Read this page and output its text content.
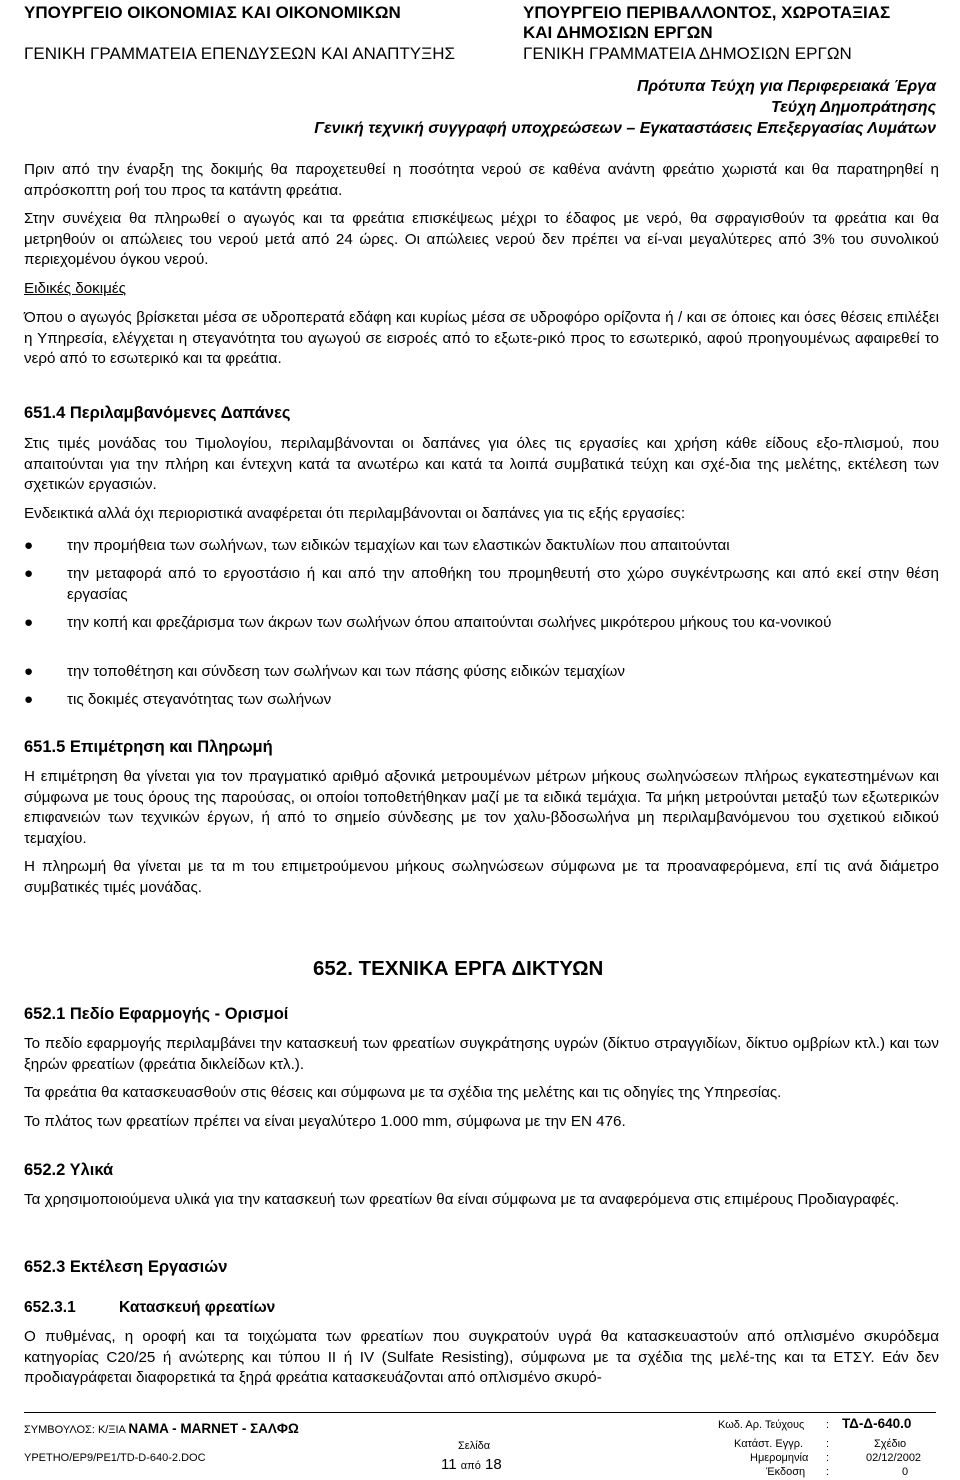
ΥΠΟΥΡΓΕΙΟ ΟΙΚΟΝΟΜΙΑΣ ΚΑΙ ΟΙΚΟΝΟΜΙΚΩΝ
ΓΕΝΙΚΗ ΓΡΑΜΜΑΤΕΙΑ ΕΠΕΝΔΥΣΕΩΝ ΚΑΙ ΑΝΑΠΤΥΞΗΣ
ΥΠΟΥΡΓΕΙΟ ΠΕΡΙΒΑΛΛΟΝΤΟΣ, ΧΩΡΟΤΑΞΙΑΣ
ΚΑΙ ΔΗΜΟΣΙΩΝ ΕΡΓΩΝ
ΓΕΝΙΚΗ ΓΡΑΜΜΑΤΕΙΑ ΔΗΜΟΣΙΩΝ ΕΡΓΩΝ
Πρότυπα Τεύχη για Περιφερειακά Έργα
Τεύχη Δημοπράτησης
Γενική τεχνική συγγραφή υποχρεώσεων – Εγκαταστάσεις Επεξεργασίας Λυμάτων

Πριν από την έναρξη της δοκιμής θα παροχετευθεί η ποσότητα νερού σε καθένα ανάντη φρεάτιο χωριστά και θα παρατηρηθεί η απρόσκοπτη ροή του προς τα κατάντη φρεάτια.

Στην συνέχεια θα πληρωθεί ο αγωγός και τα φρεάτια επισκέψεως μέχρι το έδαφος με νερό, θα σφραγισθούν τα φρεάτια και θα μετρηθούν οι απώλειες του νερού μετά από 24 ώρες. Οι απώλειες νερού δεν πρέπει να εί-ναι μεγαλύτερες από 3% του συνολικού περιεχομένου όγκου νερού.

Ειδικές δοκιμές

Όπου ο αγωγός βρίσκεται μέσα σε υδροπερατά εδάφη και κυρίως μέσα σε υδροφόρο ορίζοντα ή / και σε όποιες και όσες θέσεις επιλέξει η Υπηρεσία, ελέγχεται η στεγανότητα του αγωγού σε εισροές από το εξωτε-ρικό προς το εσωτερικό, αφού προηγουμένως αφαιρεθεί το νερό από το εσωτερικό και τα φρεάτια.

651.4 Περιλαμβανόμενες Δαπάνες

Στις τιμές μονάδας του Τιμολογίου, περιλαμβάνονται οι δαπάνες για όλες τις εργασίες και χρήση κάθε είδους εξο-πλισμού, που απαιτούνται για την πλήρη και έντεχνη κατά τα ανωτέρω και κατά τα λοιπά συμβατικά τεύχη και σχέ-δια της μελέτης, εκτέλεση των σχετικών εργασιών.

Ενδεικτικά αλλά όχι περιοριστικά αναφέρεται ότι περιλαμβάνονται οι δαπάνες για τις εξής εργασίες:

●	την προμήθεια των σωλήνων, των ειδικών τεμαχίων και των ελαστικών δακτυλίων που απαιτούνται
●	την μεταφορά από το εργοστάσιο ή και από την αποθήκη του προμηθευτή στο χώρο συγκέντρωσης και από εκεί στην θέση εργασίας
●	την κοπή και φρεζάρισμα των άκρων των σωλήνων όπου απαιτούνται σωλήνες μικρότερου μήκους του κα-νονικού
●	την τοποθέτηση και σύνδεση των σωλήνων και των πάσης φύσης ειδικών τεμαχίων
●	τις δοκιμές στεγανότητας των σωλήνων
651.5 Επιμέτρηση και Πληρωμή

Η επιμέτρηση θα γίνεται για τον πραγματικό αριθμό αξονικά μετρουμένων μέτρων μήκους σωληνώσεων πλήρως εγκατεστημένων και σύμφωνα με τους όρους της παρούσας, οι οποίοι τοποθετήθηκαν μαζί με τα ειδικά τεμάχια. Τα μήκη μετρούνται μεταξύ των εξωτερικών επιφανειών των τεχνικών έργων, ή από το σημείο σύνδεσης με τον χαλυ-βδοσωλήνα μη περιλαμβανόμενου του σχετικού ειδικού τεμαχίου.

Η πληρωμή θα γίνεται με τα m του επιμετρούμενου μήκους σωληνώσεων σύμφωνα με τα προαναφερόμενα, επί τις ανά διάμετρο συμβατικές τιμές μονάδας.

652. ΤΕΧΝΙΚΑ ΕΡΓΑ ΔΙΚΤΥΩΝ
652.1 Πεδίο Εφαρμογής - Ορισμοί

Το πεδίο εφαρμογής περιλαμβάνει την κατασκευή των φρεατίων συγκράτησης υγρών (δίκτυο στραγγιδίων, δίκτυο ομβρίων κτλ.) και των ξηρών φρεατίων (φρεάτια δικλείδων κτλ.).

Τα φρεάτια θα κατασκευασθούν στις θέσεις και σύμφωνα με τα σχέδια της μελέτης και τις οδηγίες της Υπηρεσίας.

Το πλάτος των φρεατίων πρέπει να είναι μεγαλύτερο 1.000 mm, σύμφωνα με την ΕΝ 476.

652.2 Υλικά

Τα χρησιμοποιούμενα υλικά για την κατασκευή των φρεατίων θα είναι σύμφωνα με τα αναφερόμενα στις επιμέρους Προδιαγραφές.

652.3 Εκτέλεση Εργασιών
652.3.1	Κατασκευή φρεατίων

Ο πυθμένας, η οροφή και τα τοιχώματα των φρεατίων που συγκρατούν υγρά θα κατασκευαστούν από οπλισμένο σκυρόδεμα κατηγορίας C20/25 ή ανώτερης και τύπου ΙΙ ή ΙV (Sulfate Resisting), σύμφωνα με τα σχέδια της μελέ-της και τα ΕΤΣΥ. Εάν δεν προδιαγράφεται διαφορετικά τα ξηρά φρεάτια κατασκευάζονται από οπλισμένο σκυρό-

ΣΥΜΒΟΥΛΟΣ: Κ/ΞΙΑ NAMA - MARNET - ΣΑΛΦΩ
ΥΡΕΤΗΟ/ΕΡ9/ΡΕ1/ΤD-D-640-2.DOC
Σελίδα
11 από 18
Κωδ. Αρ. Τεύχους : ΤΔ-Δ-640.0
Κατάστ. Εγγρ. :	Σχέδιο
Ημερομηνία :	02/12/2002
Έκδοση :	0
